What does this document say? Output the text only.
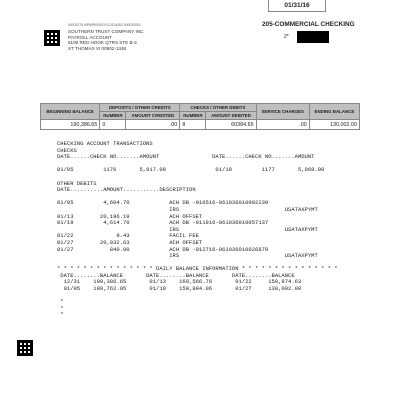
01/31/16
00001076 MPMPMVD01YC0314053 000000000
SOUTHERN TRUST COMPANY INC
PAYROLL ACCOUNT
6100 RED HOOK QTRS STE B-3
ST THOMAS VI 00802-1348
205-COMMERCIAL CHECKING
2*
BEGINNING BALANCE	DEPOSITS / OTHER CREDITS		CHECKS / OTHER DEBITS		SERVICE CHARGES	ENDING BALANCE
	NUMBER	AMOUNT CREDITED	NUMBER	AMOUNT DEBITED		
190,386.65	0	.00	8	60384.65	.00	130,002.00
CHECKING ACCOUNT TRANSACTIONS
CHECKS
DATE......CHECK NO.......AMOUNT                DATE......CHECK NO.......AMOUNT

01/05         1176       5,017.00               01/19         1177       5,068.00

OTHER DEBITS
DATE..........AMOUNT...........DESCRIPTION

01/05         4,604.70            ACH DB -010516-061036010002239
IRS                                USATAXPYMT
01/13        20,196.19            ACH OFFSET
01/19         4,614.70            ACH DB -011916-061036010057137
IRS                                USATAXPYMT
01/22             9.43            FACIL FEE
01/27        20,032.63            ACH OFFSET
01/27           840.00            ACH DB -012716-061036010026879
IRS                                USATAXPYMT

* * * * * * * * * * * * * * * DAILY BALANCE INFORMATION * * * * * * * * * * * * * * *
DATE........BALANCE       DATE........BALANCE       DATE........BALANCE
12/31    190,386.65       01/13    160,566.76       01/22     150,874.63
01/05    180,762.95       01/19    150,884.06       01/27     130,002.00

*
*
*
